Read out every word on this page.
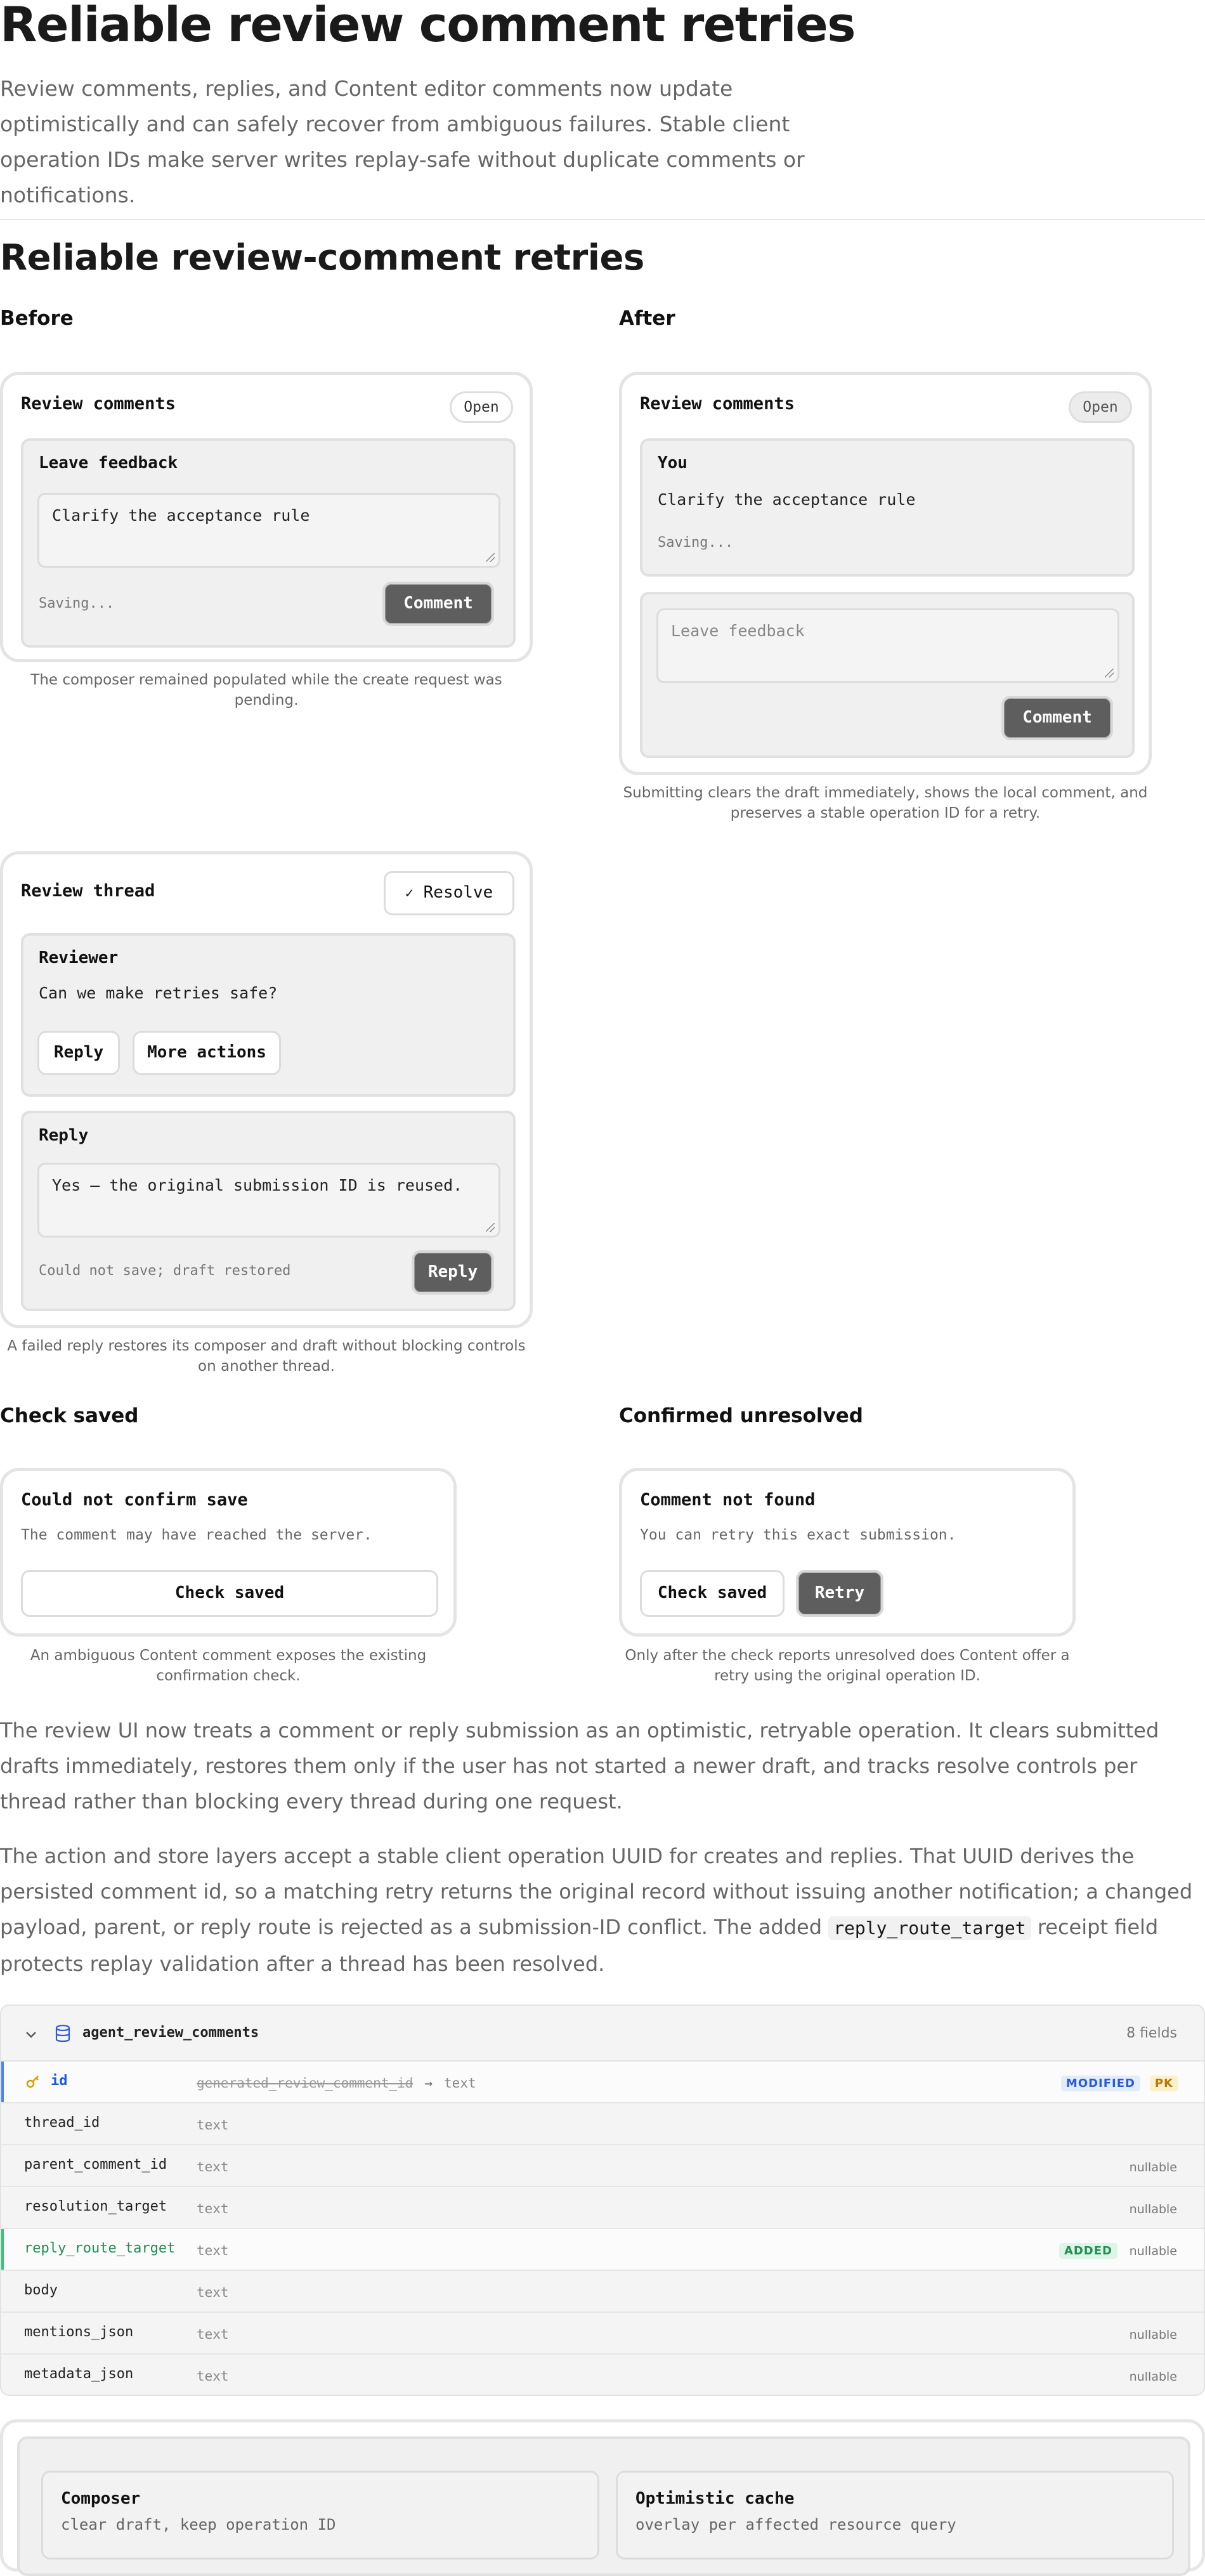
Reliable review comment retries

Review comments, replies, and Content editor comments now update optimistically and can safely recover from ambiguous failures. Stable client operation IDs make server writes replay-safe without duplicate comments or notifications.

Reliable review-comment retries
Before	After
Review comments	Open
Leave feedback
Clarify the acceptance rule
Saving...	Comment

The composer remained populated while the create request was pending.

Review comments	Open
You
Clarify the acceptance rule
Saving...
Leave feedback
Comment

Submitting clears the draft immediately, shows the local comment, and preserves a stable operation ID for a retry.

Review thread	✓ Resolve
Reviewer
Can we make retries safe?
Reply	More actions
Reply
Yes — the original submission ID is reused.
Could not save; draft restored	Reply

A failed reply restores its composer and draft without blocking controls on another thread.

Check saved	Confirmed unresolved
Could not confirm save
The comment may have reached the server.
Check saved

An ambiguous Content comment exposes the existing confirmation check.

Comment not found
You can retry this exact submission.
Check saved	Retry

Only after the check reports unresolved does Content offer a retry using the original operation ID.

The review UI now treats a comment or reply submission as an optimistic, retryable operation. It clears submitted drafts immediately, restores them only if the user has not started a newer draft, and tracks resolve controls per thread rather than blocking every thread during one request.

The action and store layers accept a stable client operation UUID for creates and replies. That UUID derives the persisted comment id, so a matching retry returns the original record without issuing another notification; a changed payload, parent, or reply route is rejected as a submission-ID conflict. The added reply_route_target receipt field protects replay validation after a thread has been resolved.

agent_review_comments	8 fields
id	generated_review_comment_id → text	MODIFIED	PK
thread_id	text
parent_comment_id text	nullable
resolution_target text	nullable
reply_route_target text	ADDED	nullable
body	text
mentions_json	text	nullable
metadata_json	text	nullable
Composer
clear draft, keep operation ID
Optimistic cache
overlay per affected resource query
